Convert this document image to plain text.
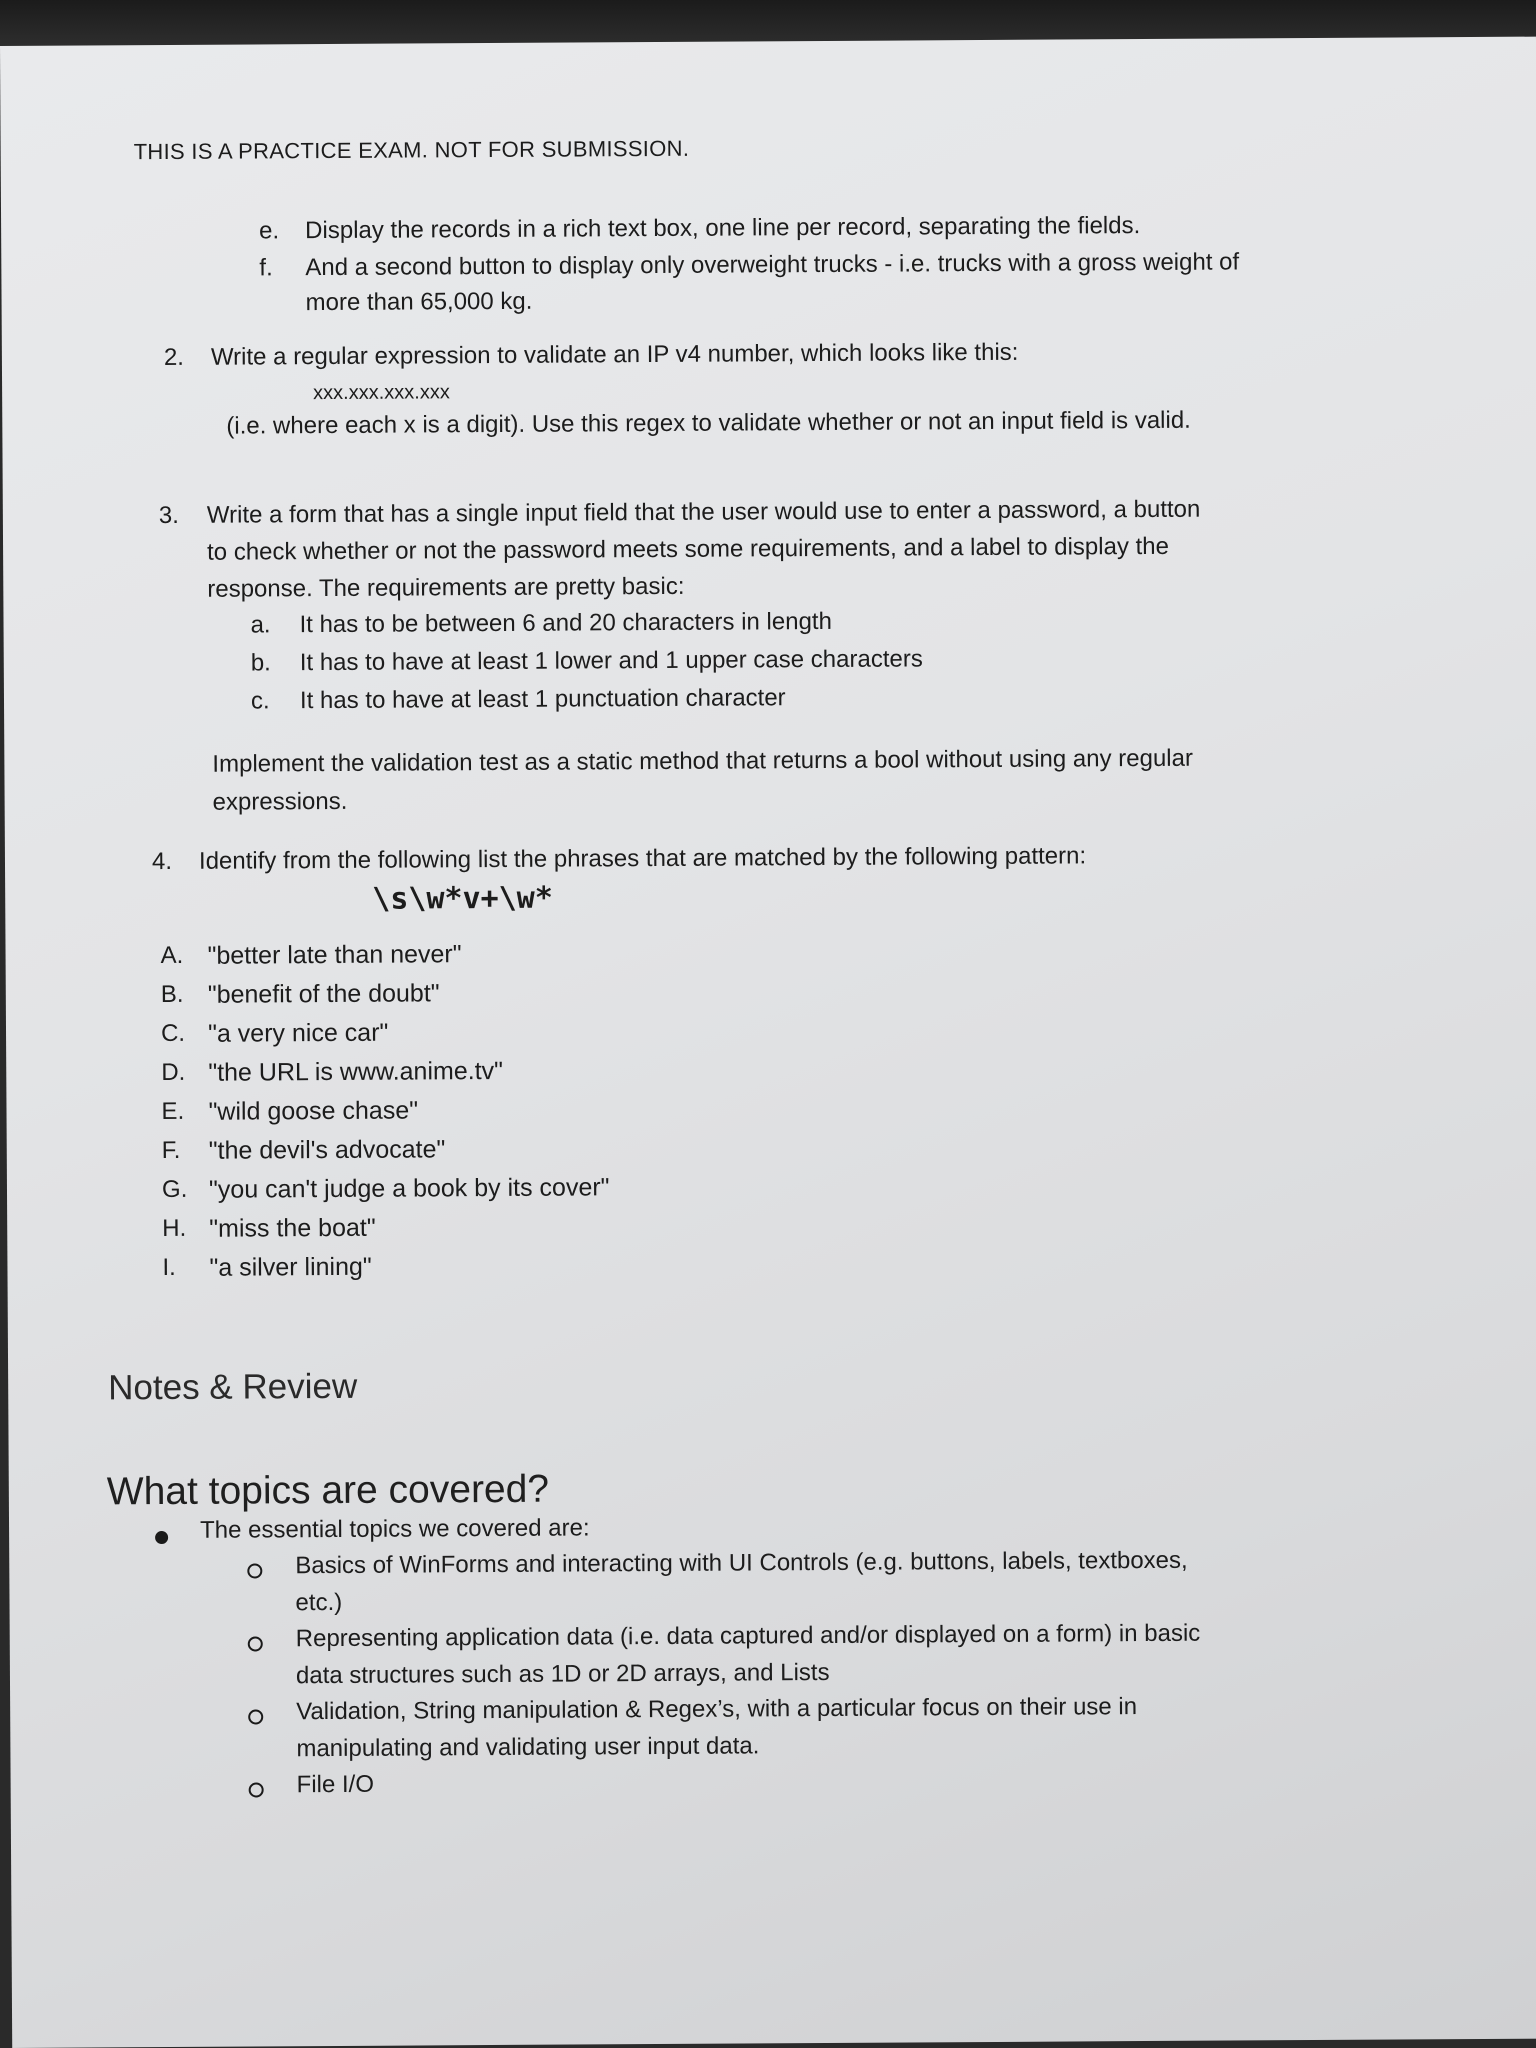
THIS IS A PRACTICE EXAM. NOT FOR SUBMISSION.
e. Display the records in a rich text box, one line per record, separating the fields.
f. And a second button to display only overweight trucks - i.e. trucks with a gross weight of
more than 65,000 kg.
2. Write a regular expression to validate an IP v4 number, which looks like this:
xxx.xxx.xxx.xxx
(i.e. where each x is a digit). Use this regex to validate whether or not an input field is valid.
3. Write a form that has a single input field that the user would use to enter a password, a button
to check whether or not the password meets some requirements, and a label to display the
response. The requirements are pretty basic:
a. It has to be between 6 and 20 characters in length
b. It has to have at least 1 lower and 1 upper case characters
c. It has to have at least 1 punctuation character
Implement the validation test as a static method that returns a bool without using any regular
expressions.
4. Identify from the following list the phrases that are matched by the following pattern:
\s\w*v+\w*
A. "better late than never"
B. "benefit of the doubt"
C. "a very nice car"
D. "the URL is www.anime.tv"
E. "wild goose chase"
F. "the devil's advocate"
G. "you can't judge a book by its cover"
H. "miss the boat"
I. "a silver lining"
Notes & Review
What topics are covered?
The essential topics we covered are:
Basics of WinForms and interacting with UI Controls (e.g. buttons, labels, textboxes,
etc.)
Representing application data (i.e. data captured and/or displayed on a form) in basic
data structures such as 1D or 2D arrays, and Lists
Validation, String manipulation & Regex’s, with a particular focus on their use in
manipulating and validating user input data.
File I/O
